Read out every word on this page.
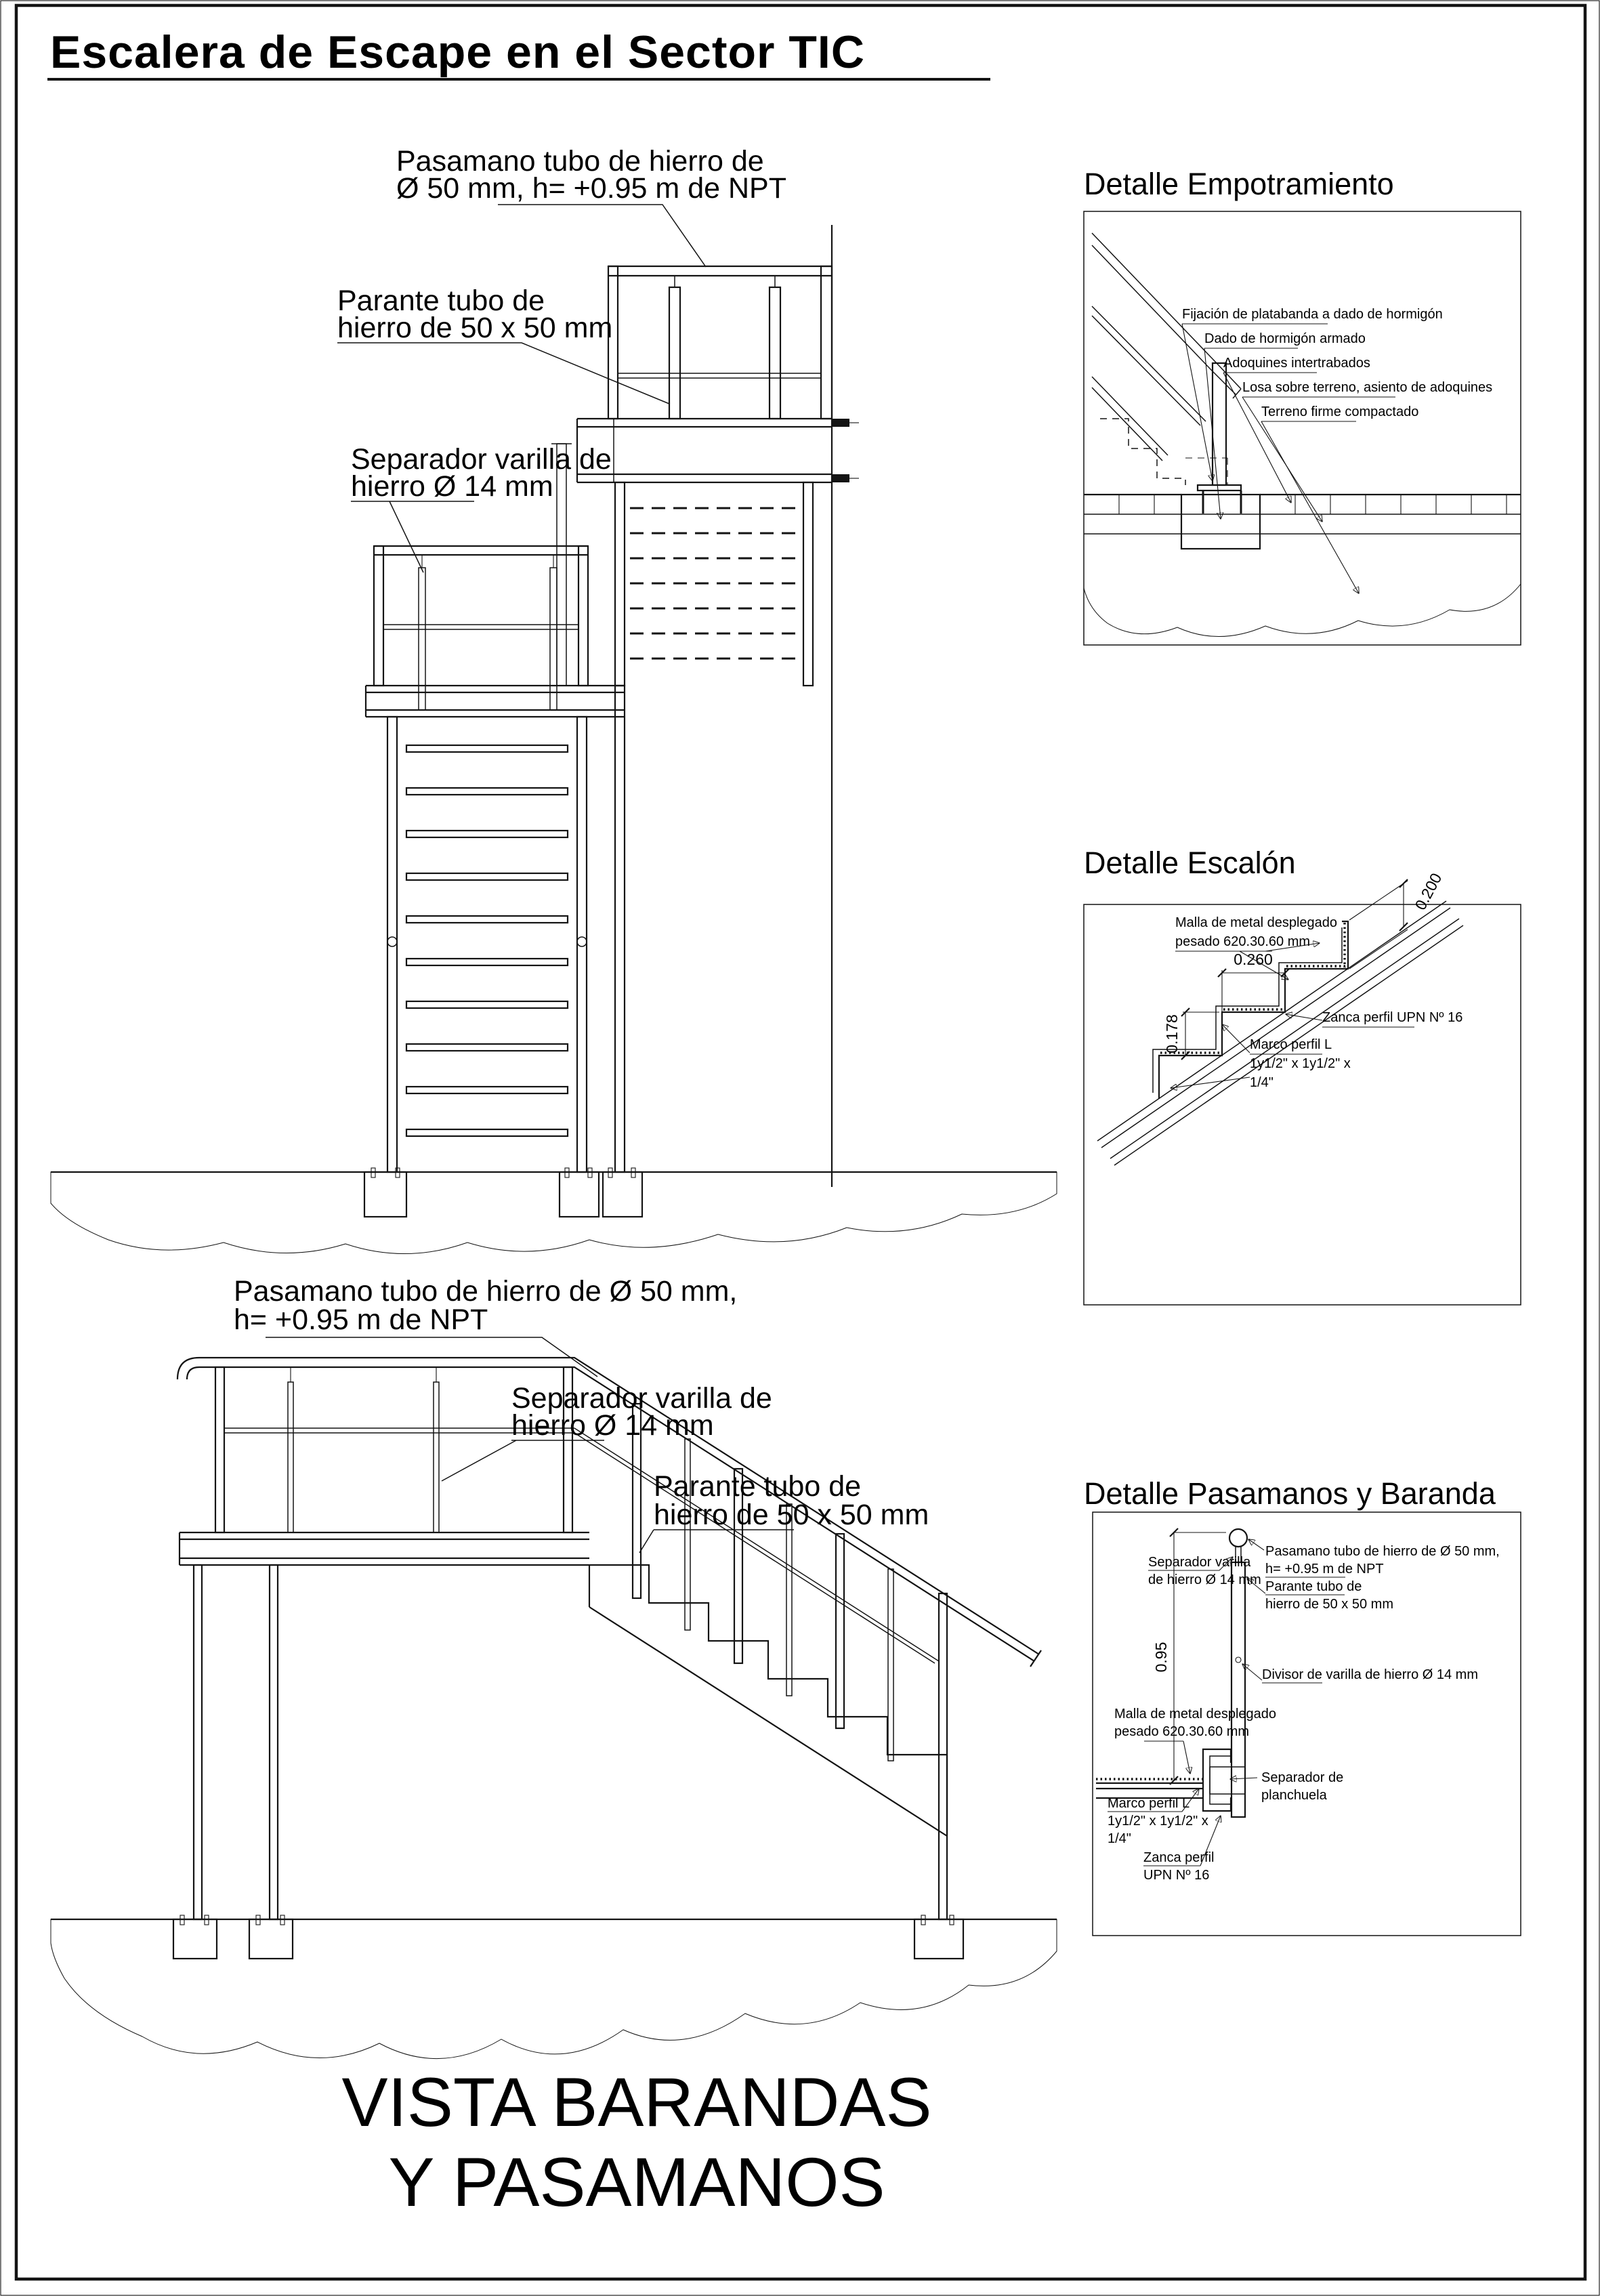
Escalera de Escape en el Sector TIC
Pasamano tubo de hierro de
Ø 50 mm, h= +0.95 m de NPT
Parante tubo de
hierro de 50 x 50 mm
Separador varilla de
hierro Ø 14 mm
Pasamano tubo de hierro de Ø 50 mm,
h= +0.95 m de NPT
Separador varilla de
hierro Ø 14 mm
Parante tubo de
hierro de 50 x 50 mm
VISTA BARANDAS
Y PASAMANOS
Detalle Empotramiento
Fijación de platabanda a dado de hormigón
Dado de hormigón armado
Adoquines intertrabados
Losa sobre terreno, asiento de adoquines
Terreno firme compactado
Detalle Escalón
0.260
0.178
0.200
Malla de metal desplegado
pesado 620.30.60 mm
Zanca perfil UPN Nº 16
Marco perfil L
1y1/2" x 1y1/2" x
1/4"
Detalle Pasamanos y Baranda
0.95
Separador varilla
de hierro Ø 14 mm
Pasamano tubo de hierro de Ø 50 mm,
h= +0.95 m de NPT
Parante tubo de
hierro de 50 x 50 mm
Divisor de varilla de hierro Ø 14 mm
Malla de metal desplegado
pesado 620.30.60 mm
Marco perfil L
1y1/2" x 1y1/2" x
1/4"
Zanca perfil
UPN Nº 16
Separador de
planchuela
